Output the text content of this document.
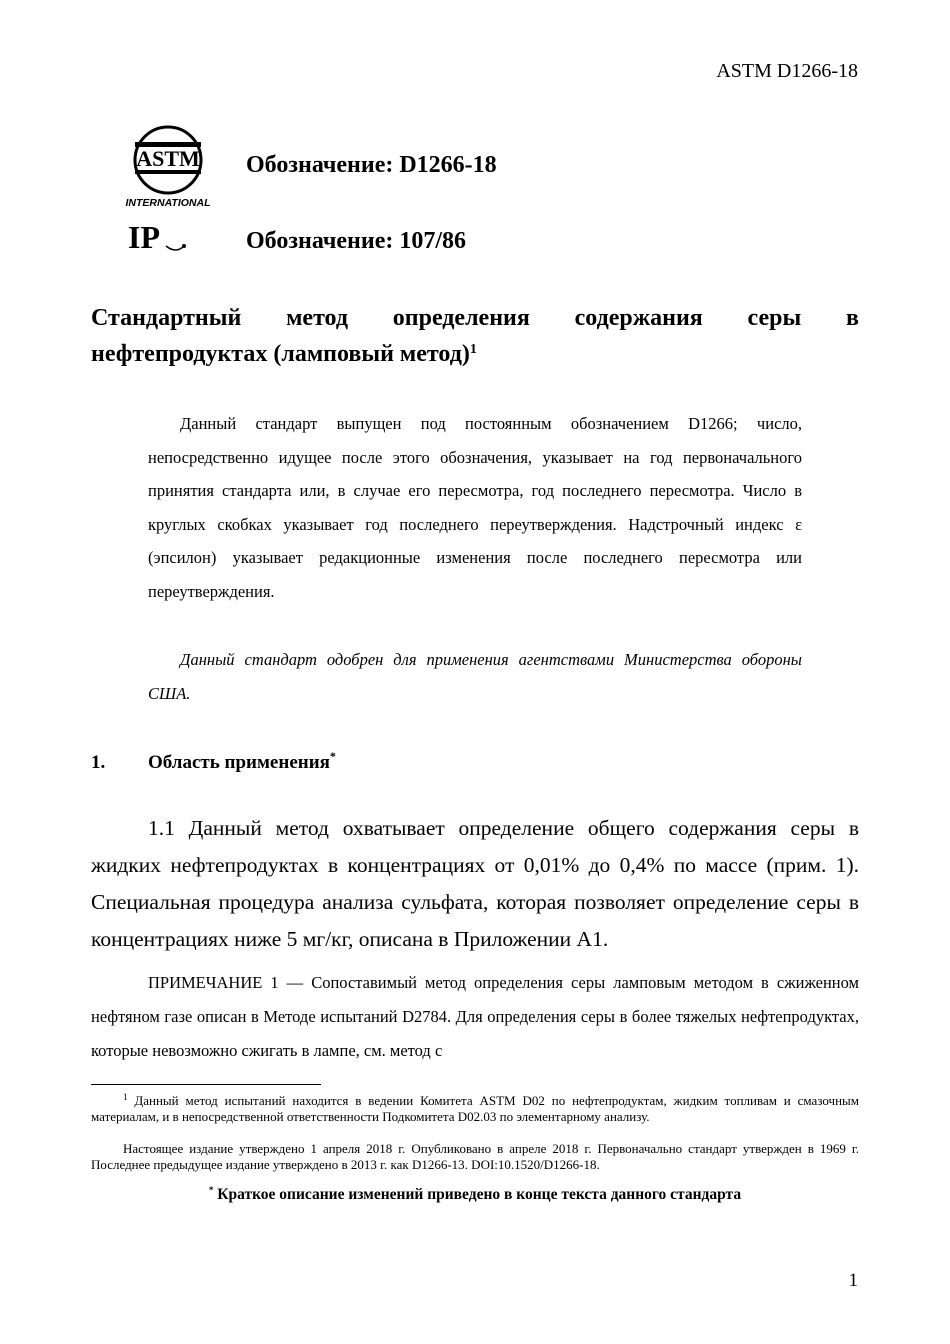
ASTM D1266-18
ASTM
INTERNATIONAL
IP
Обозначение: D1266-18
Обозначение: 107/86
Стандартный метод определения содержания серы в
нефтепродуктах (ламповый метод)$^1$
Данный стандарт выпущен под постоянным обозначением D1266; число, непосредственно идущее после этого обозначения, указывает на год первоначального принятия стандарта или, в случае его пересмотра, год последнего пересмотра. Число в круглых скобках указывает год последнего переутверждения. Надстрочный индекс ε (эпсилон) указывает редакционные изменения после последнего пересмотра или переутверждения.
Данный стандарт одобрен для применения агентствами Министерства обороны США.
1. Область применения*
1.1 Данный метод охватывает определение общего содержания серы в жидких нефтепродуктах в концентрациях от 0,01% до 0,4% по массе (прим. 1). Специальная процедура анализа сульфата, которая позволяет определение серы в концентрациях ниже 5 мг/кг, описана в Приложении A1.
ПРИМЕЧАНИЕ 1 — Сопоставимый метод определения серы ламповым методом в сжиженном нефтяном газе описан в Методе испытаний D2784. Для определения серы в более тяжелых нефтепродуктах, которые невозможно сжигать в лампе, см. метод с
$^1$ Данный метод испытаний находится в ведении Комитета ASTM D02 по нефтепродуктам, жидким топливам и смазочным материалам, и в непосредственной ответственности Подкомитета D02.03 по элементарному анализу.
Настоящее издание утверждено 1 апреля 2018 г. Опубликовано в апреле 2018 г. Первоначально стандарт утвержден в 1969 г. Последнее предыдущее издание утверждено в 2013 г. как D1266-13. DOI:10.1520/D1266-18.
* Краткое описание изменений приведено в конце текста данного стандарта
1
